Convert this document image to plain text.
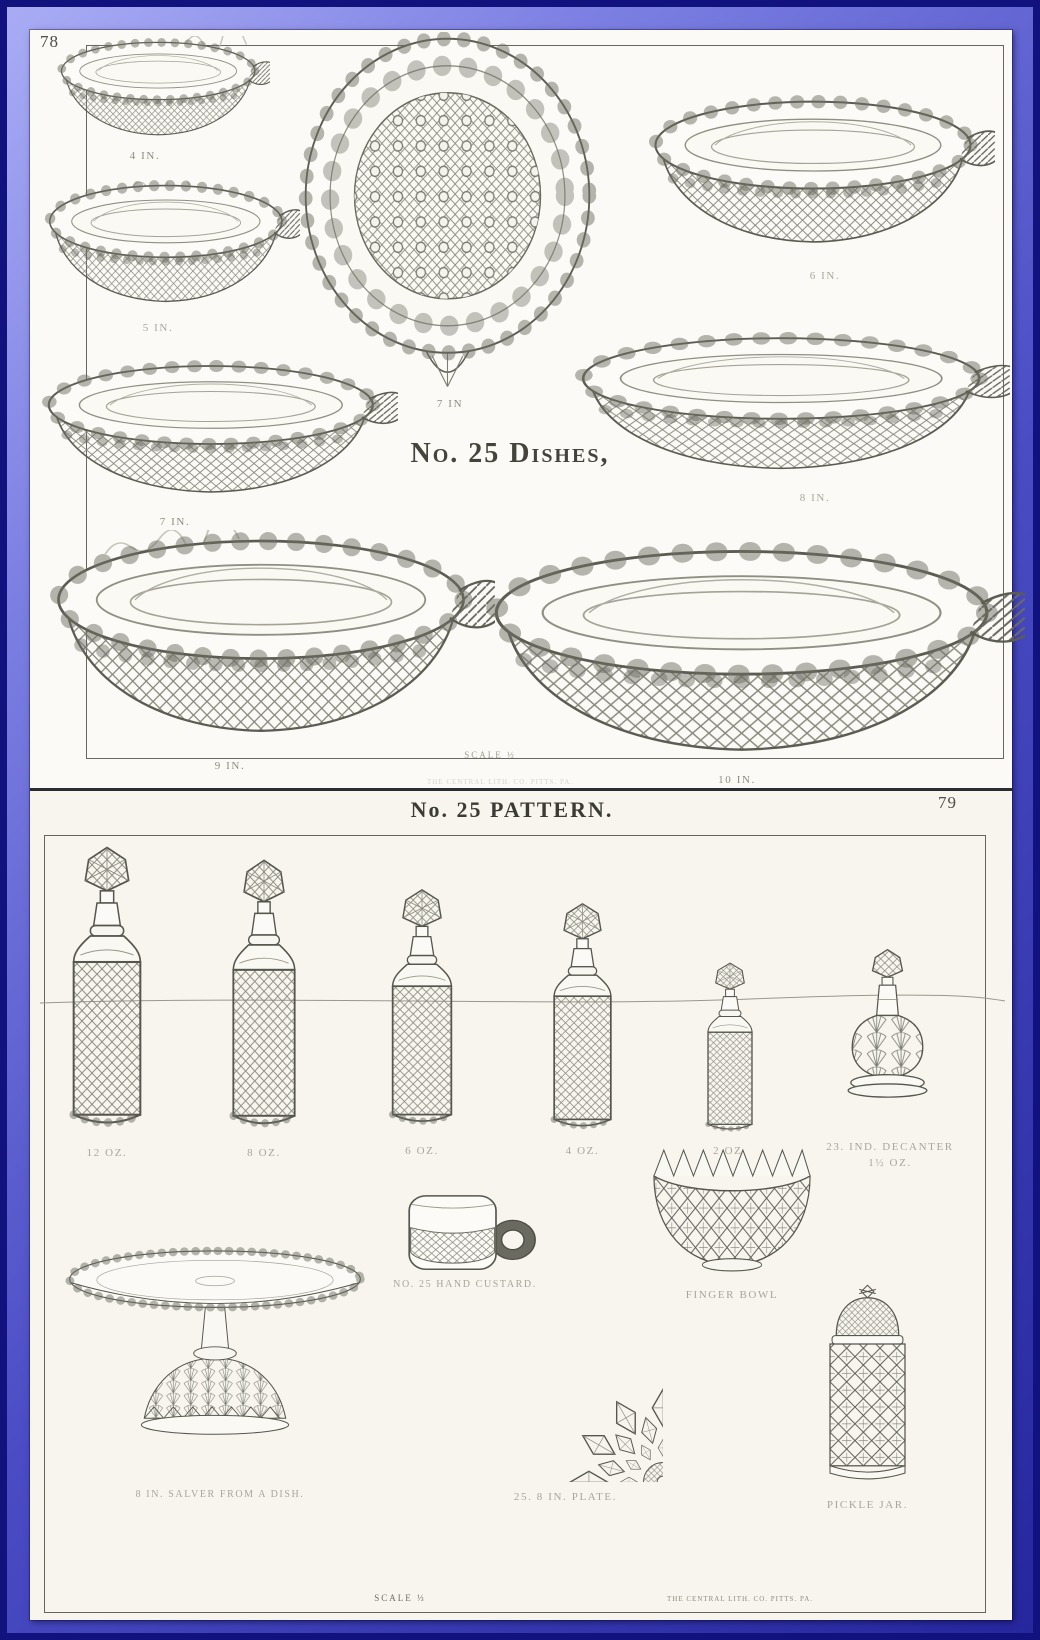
78
4 IN.
5 IN.
7 IN
6 IN.
7 IN.
8 IN.
No. 25 Dishes,
9 IN.
10 IN.
SCALE ½
THE CENTRAL LITH. CO. PITTS. PA.
No. 25 PATTERN.	79
12 OZ.	8 OZ.	6 OZ.	4 OZ.	2 OZ.	23. IND. DECANTER
1½ OZ.
NO. 25 HAND CUSTARD.
FINGER BOWL
8 IN. SALVER FROM A DISH.	25. 8 IN. PLATE.
PICKLE JAR.
SCALE ⅓	THE CENTRAL LITH. CO. PITTS. PA.
